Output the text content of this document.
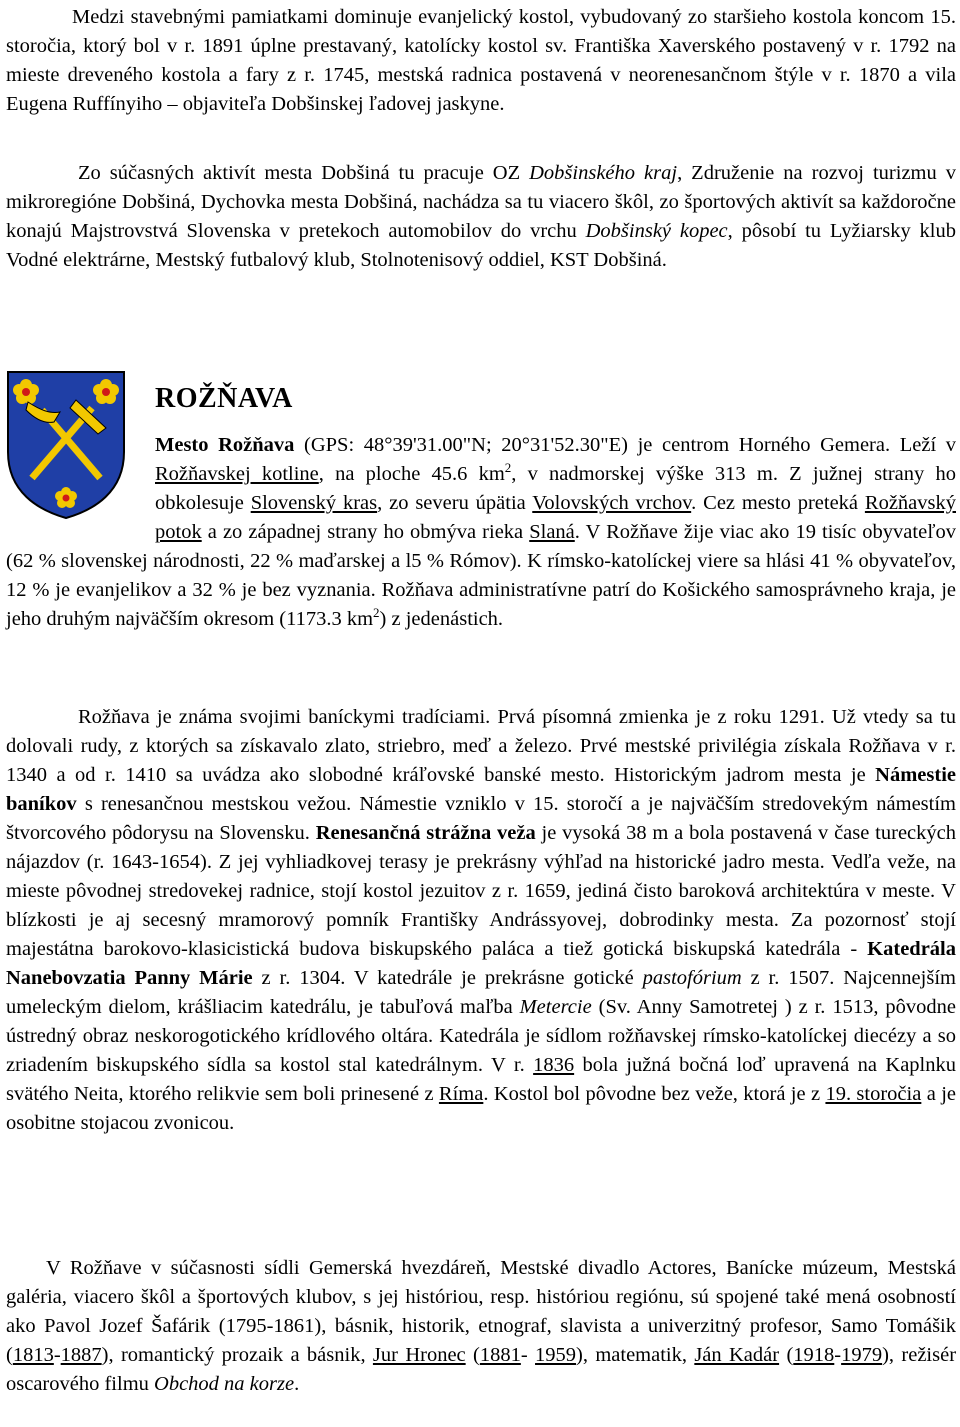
Medzi stavebnými pamiatkami dominuje evanjelický kostol, vybudovaný zo staršieho kostola koncom 15. storočia, ktorý bol v r. 1891 úplne prestavaný, katolícky kostol sv. Františka Xaverského postavený v r. 1792 na mieste dreveného kostola a fary z r. 1745, mestská radnica postavená v neorenesančnom štýle v r. 1870 a vila Eugena Ruffínyiho – objaviteľa Dobšinskej ľadovej jaskyne.

Zo súčasných aktivít mesta Dobšiná tu pracuje OZ Dobšinského kraj, Združenie na rozvoj turizmu v mikroregióne Dobšiná, Dychovka mesta Dobšiná, nachádza sa tu viacero škôl, zo športových aktivít sa každoročne konajú Majstrovstvá Slovenska v pretekoch automobilov do vrchu Dobšinský kopec, pôsobí tu Lyžiarsky klub Vodné elektrárne, Mestský futbalový klub, Stolnotenisový oddiel, KST Dobšiná.

ROŽŇAVA

Mesto Rožňava (GPS: 48°39'31.00"N; 20°31'52.30"E) je centrom Horného Gemera. Leží v Rožňavskej kotline, na ploche 45.6 $km^2$, v nadmorskej výške 313 m. Z južnej strany ho obkolesuje Slovenský kras, zo severu úpätia Volovských vrchov. Cez mesto preteká Rožňavský potok a zo západnej strany ho obmýva rieka Slaná. V Rožňave žije viac ako 19 tisíc obyvateľov (62 % slovenskej národnosti, 22 % maďarskej a l5 % Rómov). K rímsko-katolíckej viere sa hlási 41 % obyvateľov, 12 % je evanjelikov a 32 % je bez vyznania. Rožňava administratívne patrí do Košického samosprávneho kraja, je jeho druhým najväčším okresom (1173.3 $km^2$) z jedenástich.

Rožňava je známa svojimi baníckymi tradíciami. Prvá písomná zmienka je z roku 1291. Už vtedy sa tu dolovali rudy, z ktorých sa získavalo zlato, striebro, meď a železo. Prvé mestské privilégia získala Rožňava v r. 1340 a od r. 1410 sa uvádza ako slobodné kráľovské banské mesto. Historickým jadrom mesta je Námestie baníkov s renesančnou mestskou vežou. Námestie vzniklo v 15. storočí a je najväčším stredovekým námestím štvorcového pôdorysu na Slovensku. Renesančná strážna veža je vysoká 38 m a bola postavená v čase tureckých nájazdov (r. 1643-1654). Z jej vyhliadkovej terasy je prekrásny výhľad na historické jadro mesta. Vedľa veže, na mieste pôvodnej stredovekej radnice, stojí kostol jezuitov z r. 1659, jediná čisto baroková architektúra v meste. V blízkosti je aj secesný mramorový pomník Františky Andrássyovej, dobrodinky mesta. Za pozornosť stojí majestátna barokovo-klasicistická budova biskupského paláca a tiež gotická biskupská katedrála - Katedrála Nanebovzatia Panny Márie z r. 1304. V katedrále je prekrásne gotické pastofórium z r. 1507. Najcennejším umeleckým dielom, krášliacim katedrálu, je tabuľová maľba Metercie (Sv. Anny Samotretej ) z r. 1513, pôvodne ústredný obraz neskorogotického krídlového oltára. Katedrála je sídlom rožňavskej rímsko-katolíckej diecézy a so zriadením biskupského sídla sa kostol stal katedrálnym. V r. 1836 bola južná bočná loď upravená na Kaplnku svätého Neita, ktorého relikvie sem boli prinesené z Ríma. Kostol bol pôvodne bez veže, ktorá je z 19. storočia a je osobitne stojacou zvonicou.

V Rožňave v súčasnosti sídli Gemerská hvezdáreň, Mestské divadlo Actores, Banícke múzeum, Mestská galéria, viacero škôl a športových klubov, s jej históriou, resp. históriou regiónu, sú spojené také mená osobností ako Pavol Jozef Šafárik (1795-1861), básnik, historik, etnograf, slavista a univerzitný profesor, Samo Tomášik (1813-1887), romantický prozaik a básnik, Jur Hronec (1881- 1959), matematik, Ján Kadár (1918-1979), režisér oscarového filmu Obchod na korze.
